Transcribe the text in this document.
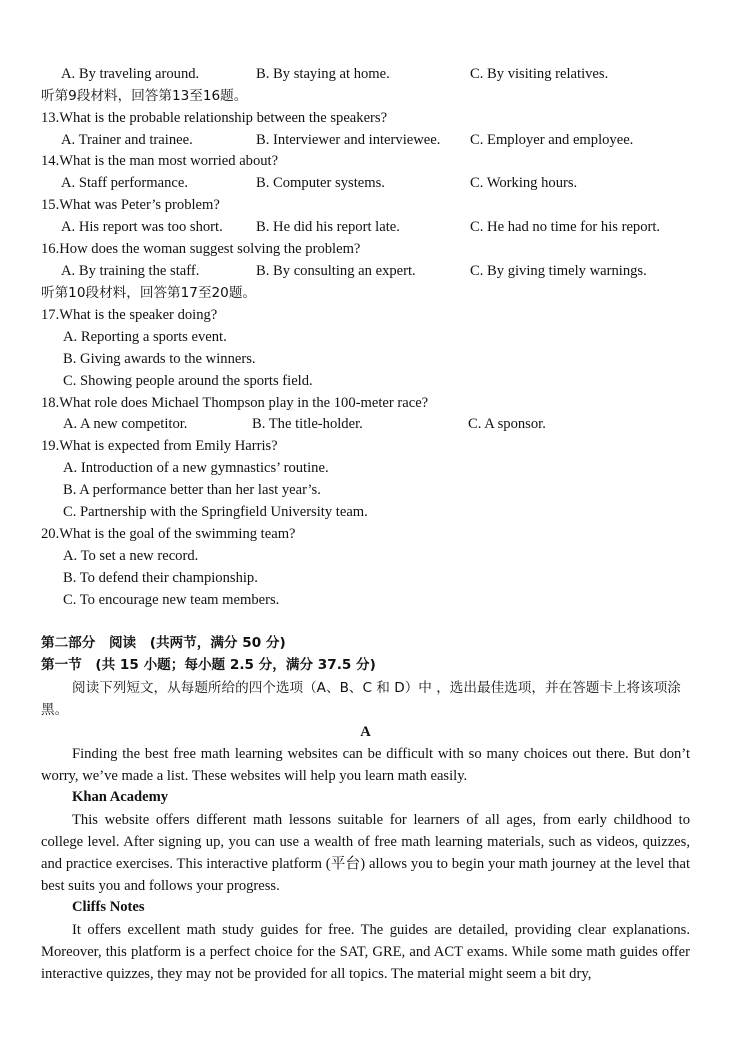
A. By traveling around.	B. By staying at home.	C. By visiting relatives.
听第9段材料，回答第13至16题。
13.What is the probable relationship between the speakers?
A. Trainer and trainee.	B. Interviewer and interviewee. C. Employer and employee.
14.What is the man most worried about?
A. Staff performance.	B. Computer systems.	C. Working hours.
15.What was Peter’s problem?
A. His report was too short. B. He did his report late.	C. He had no time for his report.
16.How does the woman suggest solving the problem?
A. By training the staff.	B. By consulting an expert.	C. By giving timely warnings.
听第10段材料，回答第17至20题。
17.What is the speaker doing?
A. Reporting a sports event.
B. Giving awards to the winners.
C. Showing people around the sports field.
18.What role does Michael Thompson play in the 100-meter race?
A. A new competitor.	B. The title-holder.	C. A sponsor.
19.What is expected from Emily Harris?
A. Introduction of a new gymnastics’ routine.
B. A performance better than her last year’s.
C. Partnership with the Springfield University team.
20.What is the goal of the swimming team?
A. To set a new record.
B. To defend their championship.
C. To encourage new team members.
第二部分　阅读　(共两节，满分 50 分)
第一节　(共 15 小题；每小题 2.5 分，满分 37.5 分)
阅读下列短文，从每题所给的四个选项（A、B、C 和 D）中 ，选出最佳选项，并在答题卡上将该项涂黑。
A
Finding the best free math learning websites can be difficult with so many choices out there. But don’t worry, we’ve made a list. These websites will help you learn math easily.
Khan Academy
This website offers different math lessons suitable for learners of all ages, from early childhood to college level. After signing up, you can use a wealth of free math learning materials, such as videos, quizzes, and practice exercises. This interactive platform (平台) allows you to begin your math journey at the level that best suits you and follows your progress.
Cliffs Notes
It offers excellent math study guides for free. The guides are detailed, providing clear explanations. Moreover, this platform is a perfect choice for the SAT, GRE, and ACT exams. While some math guides offer interactive quizzes, they may not be provided for all topics. The material might seem a bit dry,
